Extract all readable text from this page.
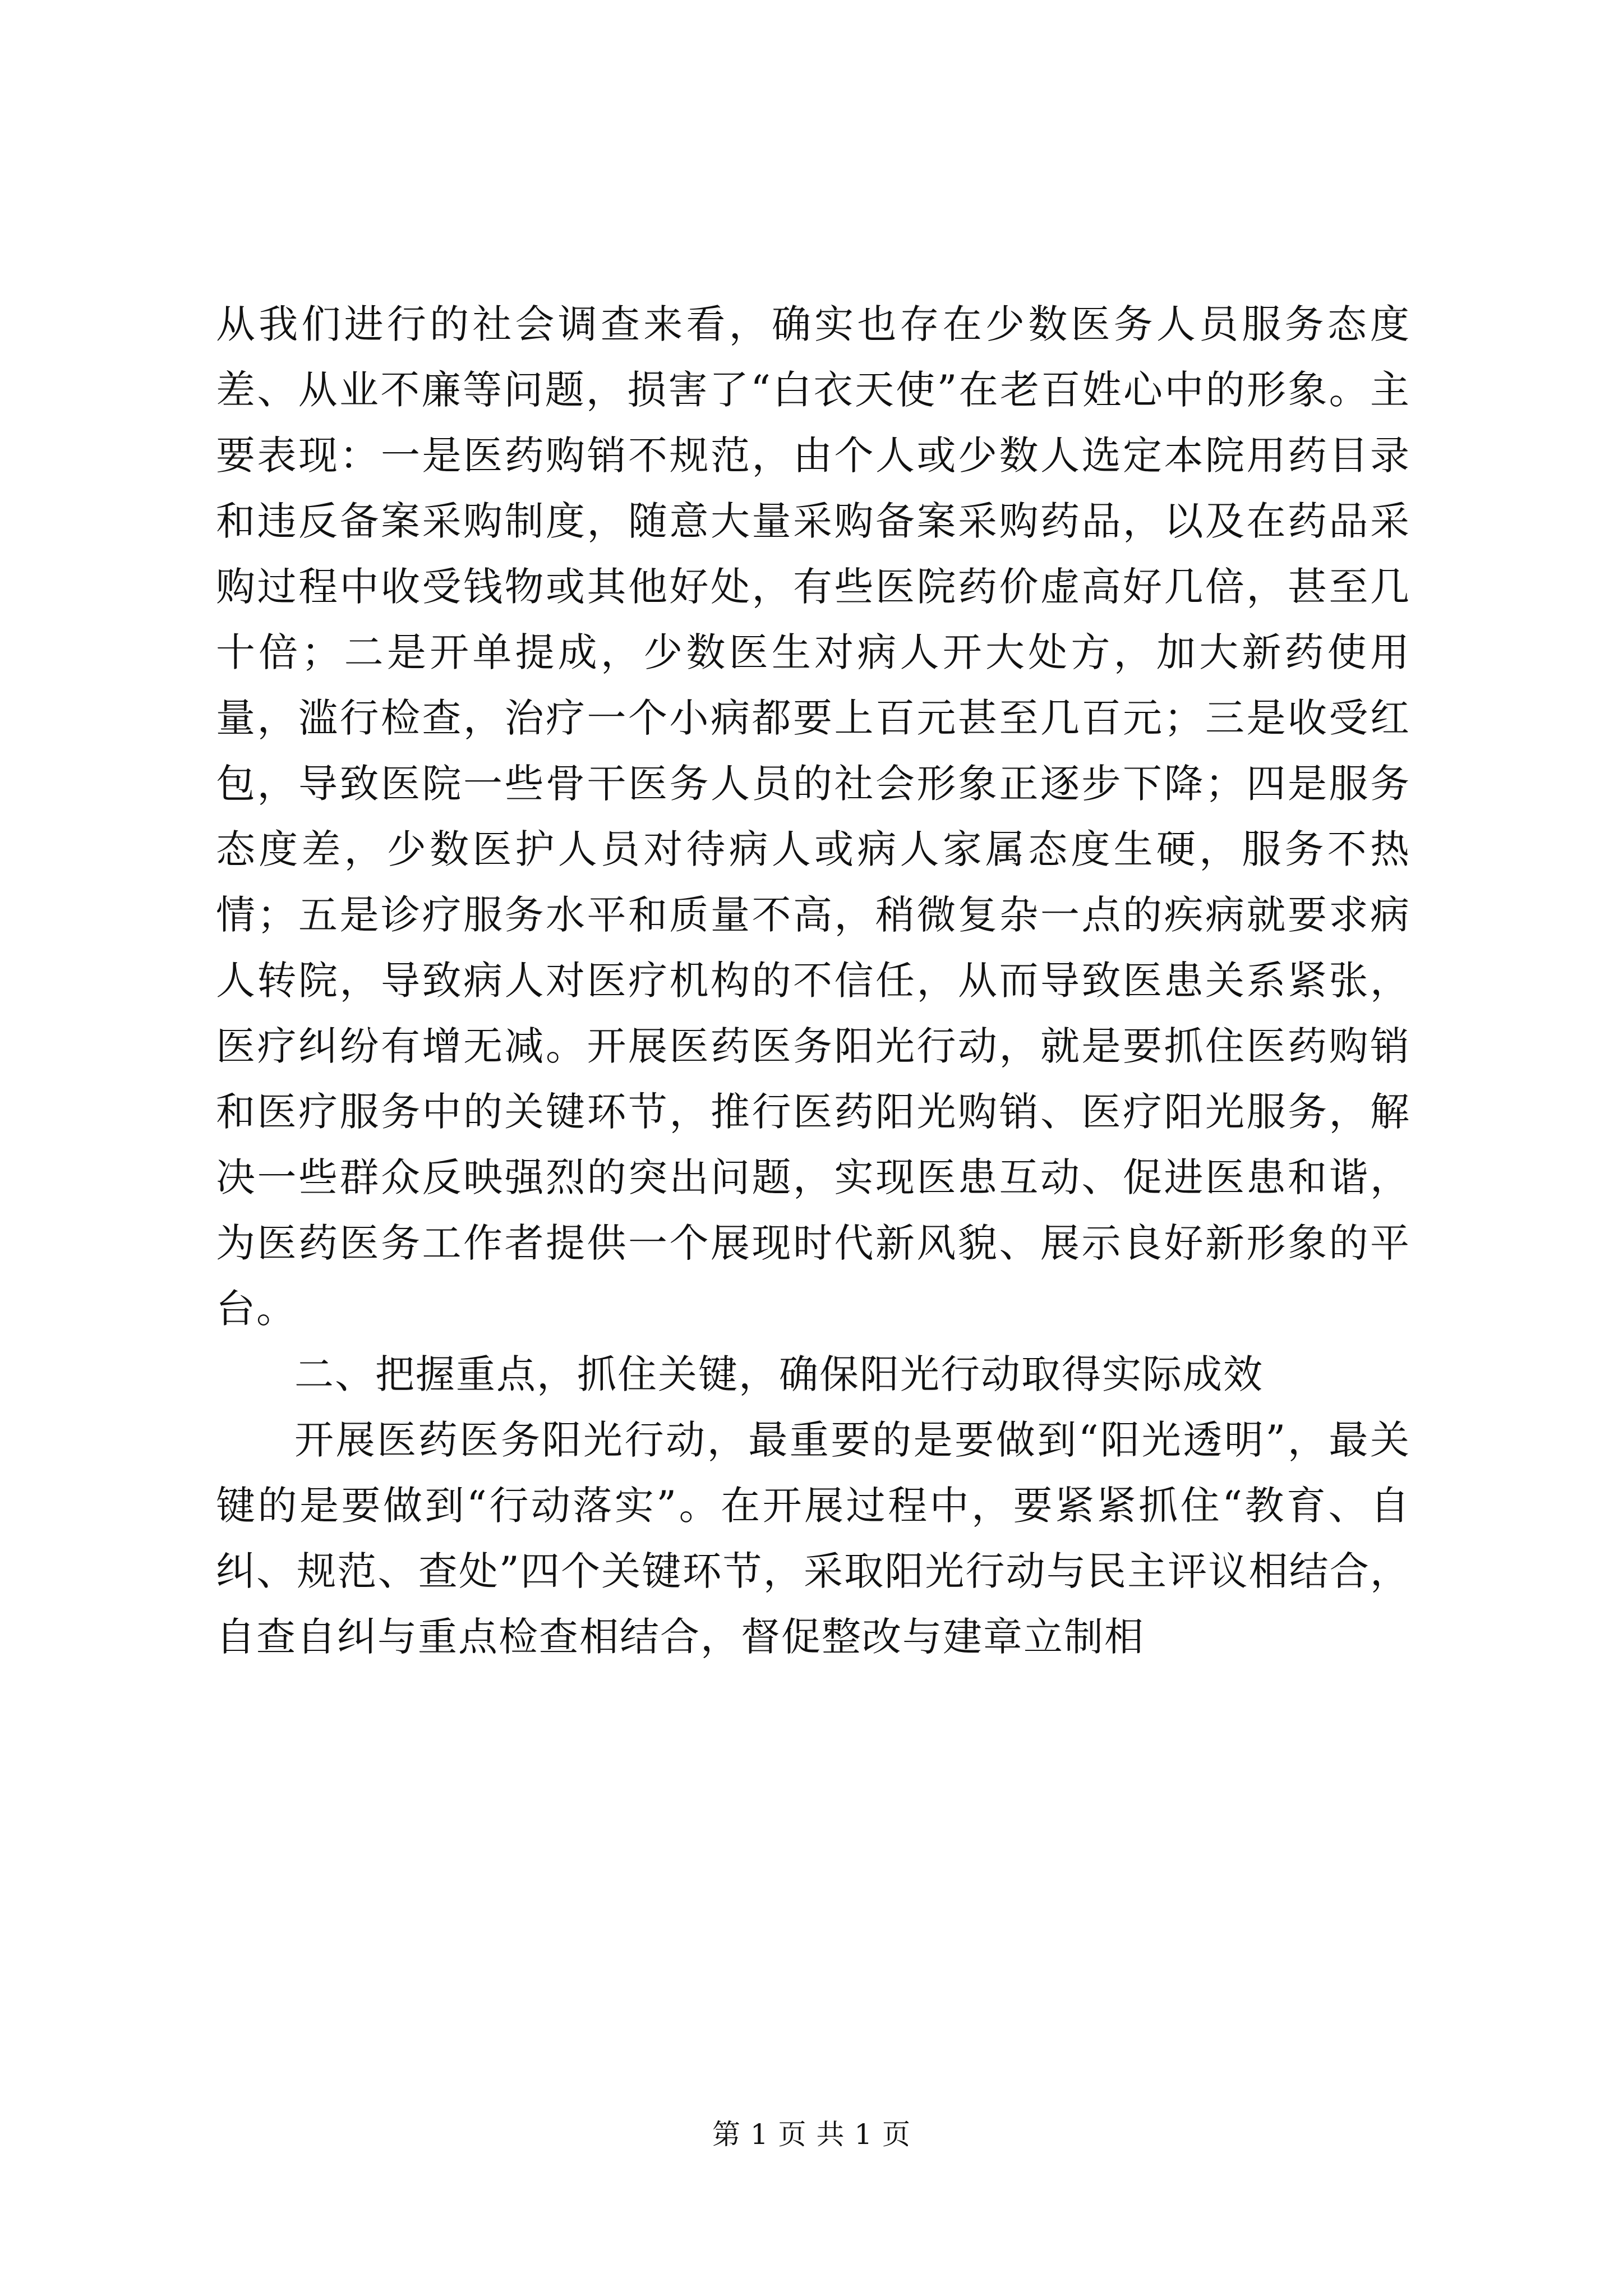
从我们进行的社会调查来看，确实也存在少数医务人员服务态度差、从业不廉等问题，损害了“白衣天使”在老百姓心中的形象。主要表现：一是医药购销不规范，由个人或少数人选定本院用药目录和违反备案采购制度，随意大量采购备案采购药品，以及在药品采购过程中收受钱物或其他好处，有些医院药价虚高好几倍，甚至几十倍；二是开单提成，少数医生对病人开大处方，加大新药使用量，滥行检查，治疗一个小病都要上百元甚至几百元；三是收受红包，导致医院一些骨干医务人员的社会形象正逐步下降；四是服务态度差，少数医护人员对待病人或病人家属态度生硬，服务不热情；五是诊疗服务水平和质量不高，稍微复杂一点的疾病就要求病人转院，导致病人对医疗机构的不信任，从而导致医患关系紧张，医疗纠纷有增无减。开展医药医务阳光行动，就是要抓住医药购销和医疗服务中的关键环节，推行医药阳光购销、医疗阳光服务，解决一些群众反映强烈的突出问题，实现医患互动、促进医患和谐，为医药医务工作者提供一个展现时代新风貌、展示良好新形象的平台。

二、把握重点，抓住关键，确保阳光行动取得实际成效

开展医药医务阳光行动，最重要的是要做到“阳光透明”，最关键的是要做到“行动落实”。在开展过程中，要紧紧抓住“教育、自纠、规范、查处”四个关键环节，采取阳光行动与民主评议相结合，自查自纠与重点检查相结合，督促整改与建章立制相

第 1 页 共 1 页
